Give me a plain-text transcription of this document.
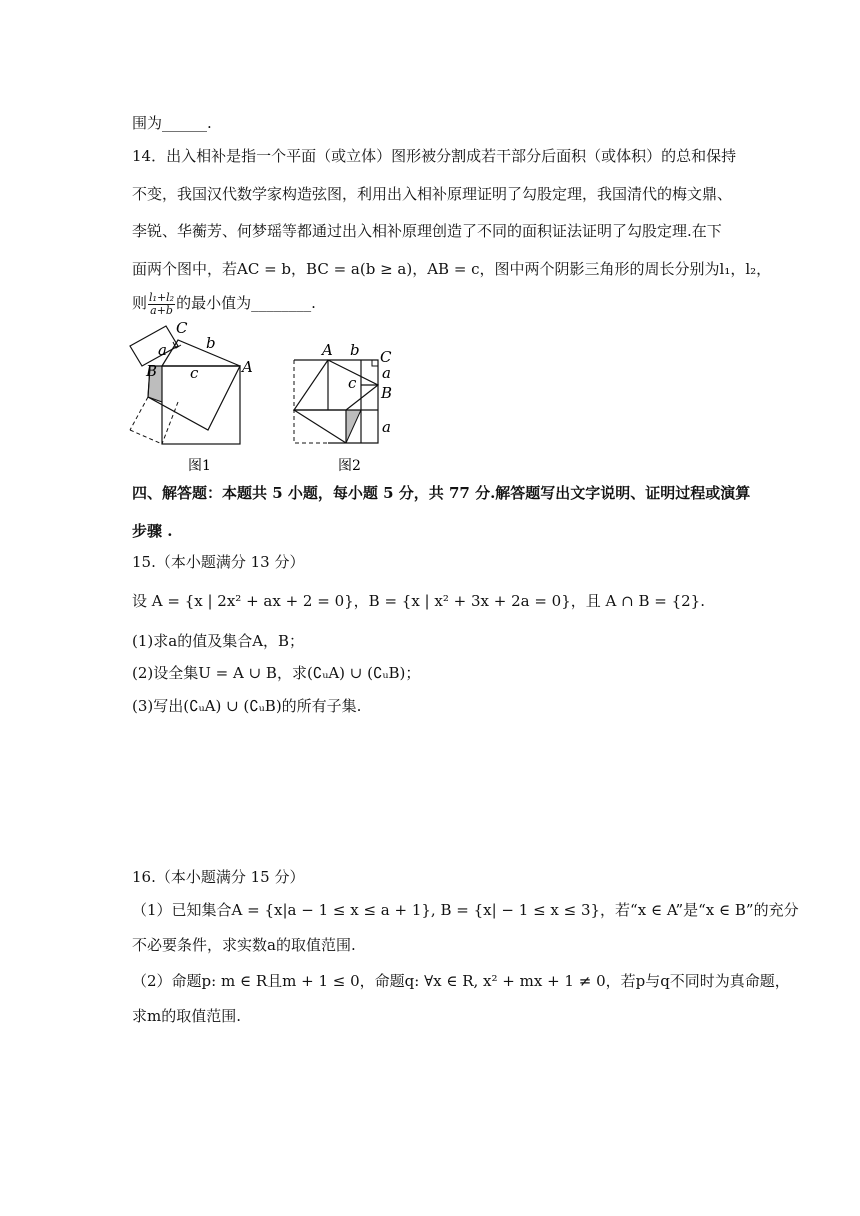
围为______.
14．出入相补是指一个平面（或立体）图形被分割成若干部分后面积（或体积）的总和保持
不变，我国汉代数学家构造弦图，利用出入相补原理证明了勾股定理，我国清代的梅文鼎、
李锐、华蘅芳、何梦瑶等都通过出入相补原理创造了不同的面积证法证明了勾股定理.在下
面两个图中，若AC = b，BC = a(b ≥ a)，AB = c，图中两个阴影三角形的周长分别为l₁，l₂，
则 $\frac{\text{l₁+l₂}}{a+b}$ 的最小值为________.
C
a	b
B c	A
图1
A b C
a
c
B
a
图2
四、解答题：本题共 5 小题，每小题 5 分，共 77 分.解答题写出文字说明、证明过程或演算
步骤 .
15.（本小题满分 13 分）
设 A = {x | 2x² + ax + 2 = 0}，B = {x | x² + 3x + 2a = 0}，且 A ∩ B = {2}.
(1)求a的值及集合A，B；
(2)设全集U = A ∪ B，求(∁ᵤA) ∪ (∁ᵤB)；
(3)写出(∁ᵤA) ∪ (∁ᵤB)的所有子集.
16.（本小题满分 15 分）
（1）已知集合A = {x|a − 1 ≤ x ≤ a + 1}, B = {x| − 1 ≤ x ≤ 3}，若“x ∈ A”是“x ∈ B”的充分
不必要条件，求实数a的取值范围.
（2）命题p: m ∈ R且m + 1 ≤ 0，命题q: ∀x ∈ R, x² + mx + 1 ≠ 0，若p与q不同时为真命题，
求m的取值范围.
